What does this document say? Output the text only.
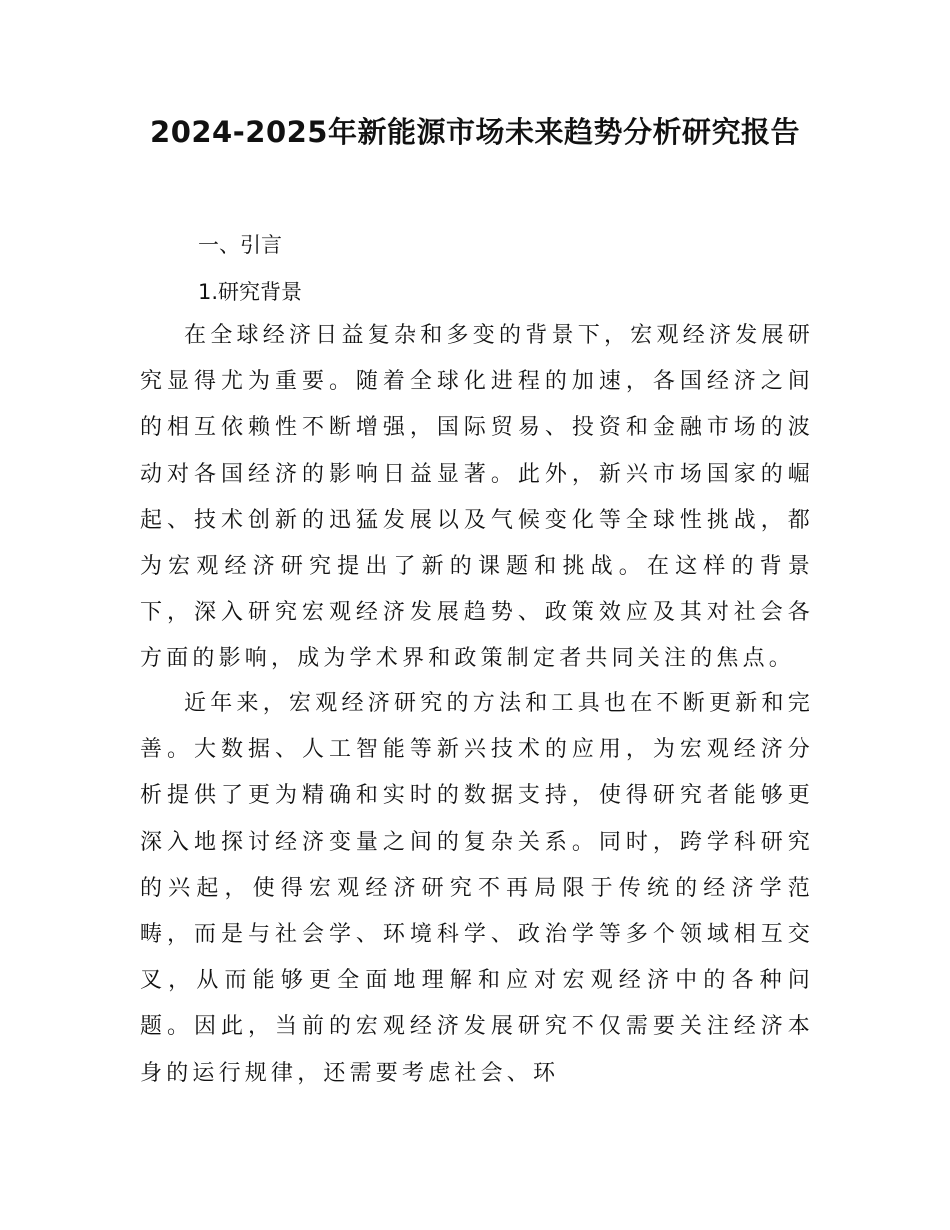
2024-2025年新能源市场未来趋势分析研究报告
一、引言
1.研究背景

在全球经济日益复杂和多变的背景下，宏观经济发展研究显得尤为重要。随着全球化进程的加速，各国经济之间的相互依赖性不断增强，国际贸易、投资和金融市场的波动对各国经济的影响日益显著。此外，新兴市场国家的崛起、技术创新的迅猛发展以及气候变化等全球性挑战，都为宏观经济研究提出了新的课题和挑战。在这样的背景下，深入研究宏观经济发展趋势、政策效应及其对社会各方面的影响，成为学术界和政策制定者共同关注的焦点。

近年来，宏观经济研究的方法和工具也在不断更新和完善。大数据、人工智能等新兴技术的应用，为宏观经济分析提供了更为精确和实时的数据支持，使得研究者能够更深入地探讨经济变量之间的复杂关系。同时，跨学科研究的兴起，使得宏观经济研究不再局限于传统的经济学范畴，而是与社会学、环境科学、政治学等多个领域相互交叉，从而能够更全面地理解和应对宏观经济中的各种问题。因此，当前的宏观经济发展研究不仅需要关注经济本身的运行规律，还需要考虑社会、环
